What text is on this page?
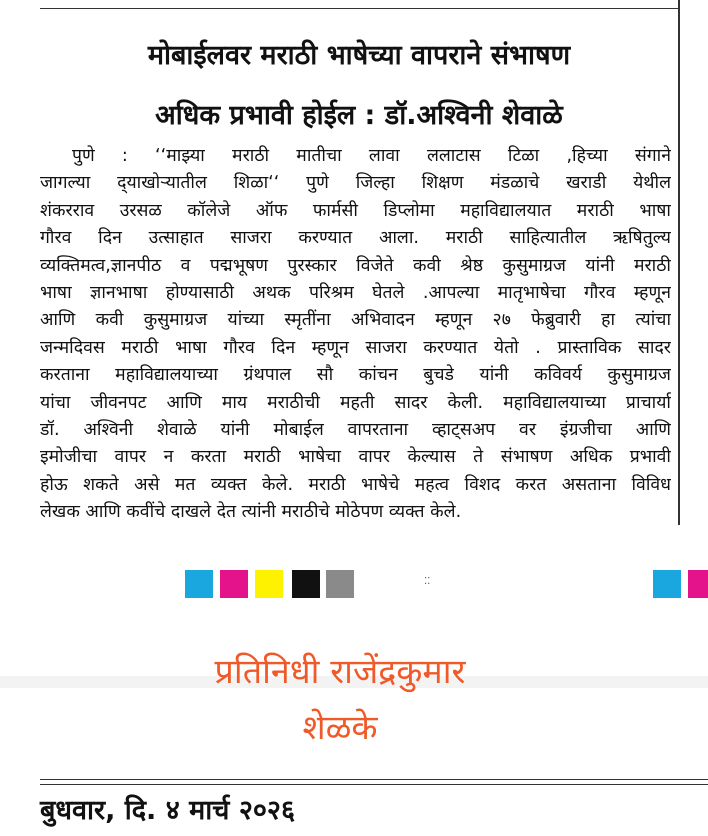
मोबाईलवर मराठी भाषेच्या वापराने संभाषण
अधिक प्रभावी होईल : डॉ.अश्विनी शेवाळे

पुणे : ‘‘माझ्या मराठी मातीचा लावा ललाटास टिळा ,हिच्या संगाने
जागल्या द्‌याखोऱ्यातील शिळा‘‘ पुणे जिल्हा शिक्षण मंडळाचे खराडी येथील
शंकरराव उरसळ कॉलेजे ऑफ फार्मसी डिप्लोमा महाविद्यालयात मराठी भाषा
गौरव दिन उत्साहात साजरा करण्यात आला. मराठी साहित्यातील ऋषितुल्य
व्यक्तिमत्व,ज्ञानपीठ व पद्मभूषण पुरस्कार विजेते कवी श्रेष्ठ कुसुमाग्रज यांनी मराठी
भाषा ज्ञानभाषा होण्यासाठी अथक परिश्रम घेतले .आपल्या मातृभाषेचा गौरव म्हणून
आणि कवी कुसुमाग्रज यांच्या स्मृतींना अभिवादन म्हणून २७ फेब्रुवारी हा त्यांचा
जन्मदिवस मराठी भाषा गौरव दिन म्हणून साजरा करण्यात येतो . प्रास्ताविक सादर
करताना महाविद्यालयाच्या ग्रंथपाल सौ कांचन बुचडे यांनी कविवर्य कुसुमाग्रज
यांचा जीवनपट आणि माय मराठीची महती सादर केली. महाविद्यालयाच्या प्राचार्या
डॉ. अश्विनी शेवाळे यांनी मोबाईल वापरताना व्हाट्सअप वर इंग्रजीचा आणि
इमोजीचा वापर न करता मराठी भाषेचा वापर केल्यास ते संभाषण अधिक प्रभावी
होऊ शकते असे मत व्यक्त केले. मराठी भाषेचे महत्व विशद करत असताना विविध
लेखक आणि कवींचे दाखले देत त्यांनी मराठीचे मोठेपण व्यक्त केले.

⁚⁚

प्रतिनिधी राजेंद्रकुमार
शेळके

बुधवार, दि. ४ मार्च २०२६
